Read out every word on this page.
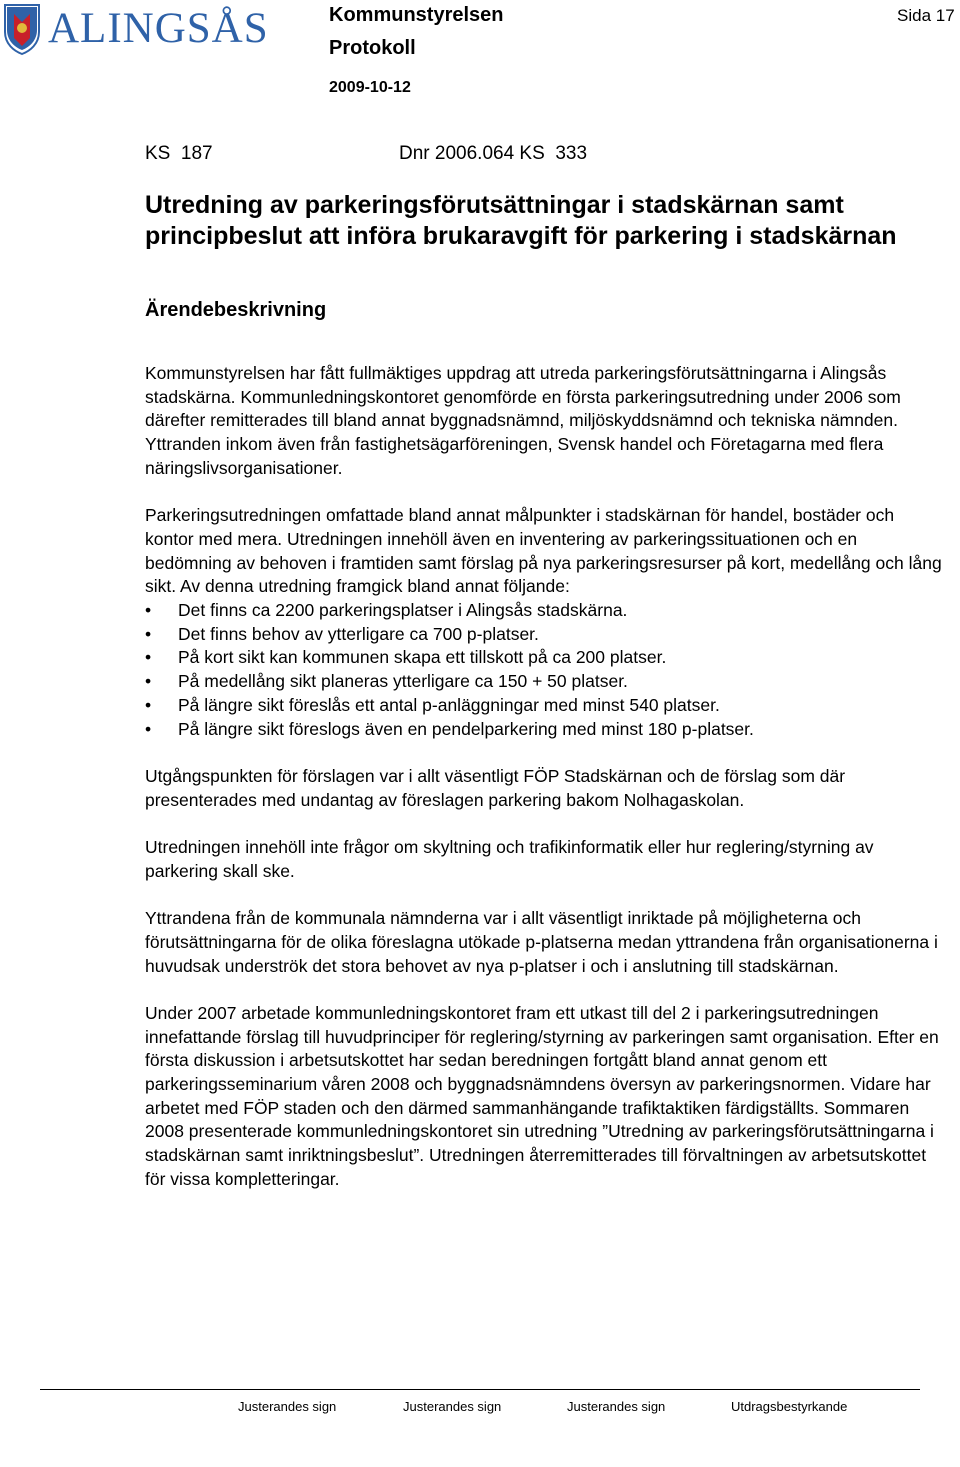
ALINGSÅS	Kommunstyrelsen
Protokoll
2009-10-12
Sida 17
KS  187	Dnr 2006.064 KS  333
Utredning av parkeringsförutsättningar i stadskärnan samt principbeslut att införa brukaravgift för parkering i stadskärnan
Ärendebeskrivning

Kommunstyrelsen har fått fullmäktiges uppdrag att utreda parkeringsförutsättningarna i Alingsås stadskärna. Kommunledningskontoret genomförde en första parkeringsutredning under 2006 som därefter remitterades till bland annat byggnadsnämnd, miljöskyddsnämnd och tekniska nämnden. Yttranden inkom även från fastighetsägarföreningen, Svensk handel och Företagarna med flera näringslivsorganisationer.

Parkeringsutredningen omfattade bland annat målpunkter i stadskärnan för handel, bostäder och kontor med mera. Utredningen innehöll även en inventering av parkeringssituationen och en bedömning av behoven i framtiden samt förslag på nya parkeringsresurser på kort, medellång och lång sikt. Av denna utredning framgick bland annat följande:

• Det finns ca 2200 parkeringsplatser i Alingsås stadskärna.
• Det finns behov av ytterligare ca 700 p-platser.
• På kort sikt kan kommunen skapa ett tillskott på ca 200 platser.
• På medellång sikt planeras ytterligare ca 150 + 50 platser.
• På längre sikt föreslås ett antal p-anläggningar med minst 540 platser.
• På längre sikt föreslogs även en pendelparkering med minst 180 p-platser.

Utgångspunkten för förslagen var i allt väsentligt FÖP Stadskärnan och de förslag som där presenterades med undantag av föreslagen parkering bakom Nolhagaskolan.

Utredningen innehöll inte frågor om skyltning och trafikinformatik eller hur reglering/styrning av parkering skall ske.

Yttrandena från de kommunala nämnderna var i allt väsentligt inriktade på möjligheterna och förutsättningarna för de olika föreslagna utökade p-platserna medan yttrandena från organisationerna i huvudsak underströk det stora behovet av nya p-platser i och i anslutning till stadskärnan.

Under 2007 arbetade kommunledningskontoret fram ett utkast till del 2 i parkeringsutredningen innefattande förslag till huvudprinciper för reglering/styrning av parkeringen samt organisation. Efter en första diskussion i arbetsutskottet har sedan beredningen fortgått bland annat genom ett parkeringsseminarium våren 2008 och byggnadsnämndens översyn av parkeringsnormen. Vidare har arbetet med FÖP staden och den därmed sammanhängande trafiktaktiken färdigställts. Sommaren 2008 presenterade kommunledningskontoret sin utredning ”Utredning av parkeringsförutsättningarna i stadskärnan samt inriktningsbeslut”. Utredningen återremitterades till förvaltningen av arbetsutskottet för vissa kompletteringar.

Justerandes sign	Justerandes sign	Justerandes sign	Utdragsbestyrkande
